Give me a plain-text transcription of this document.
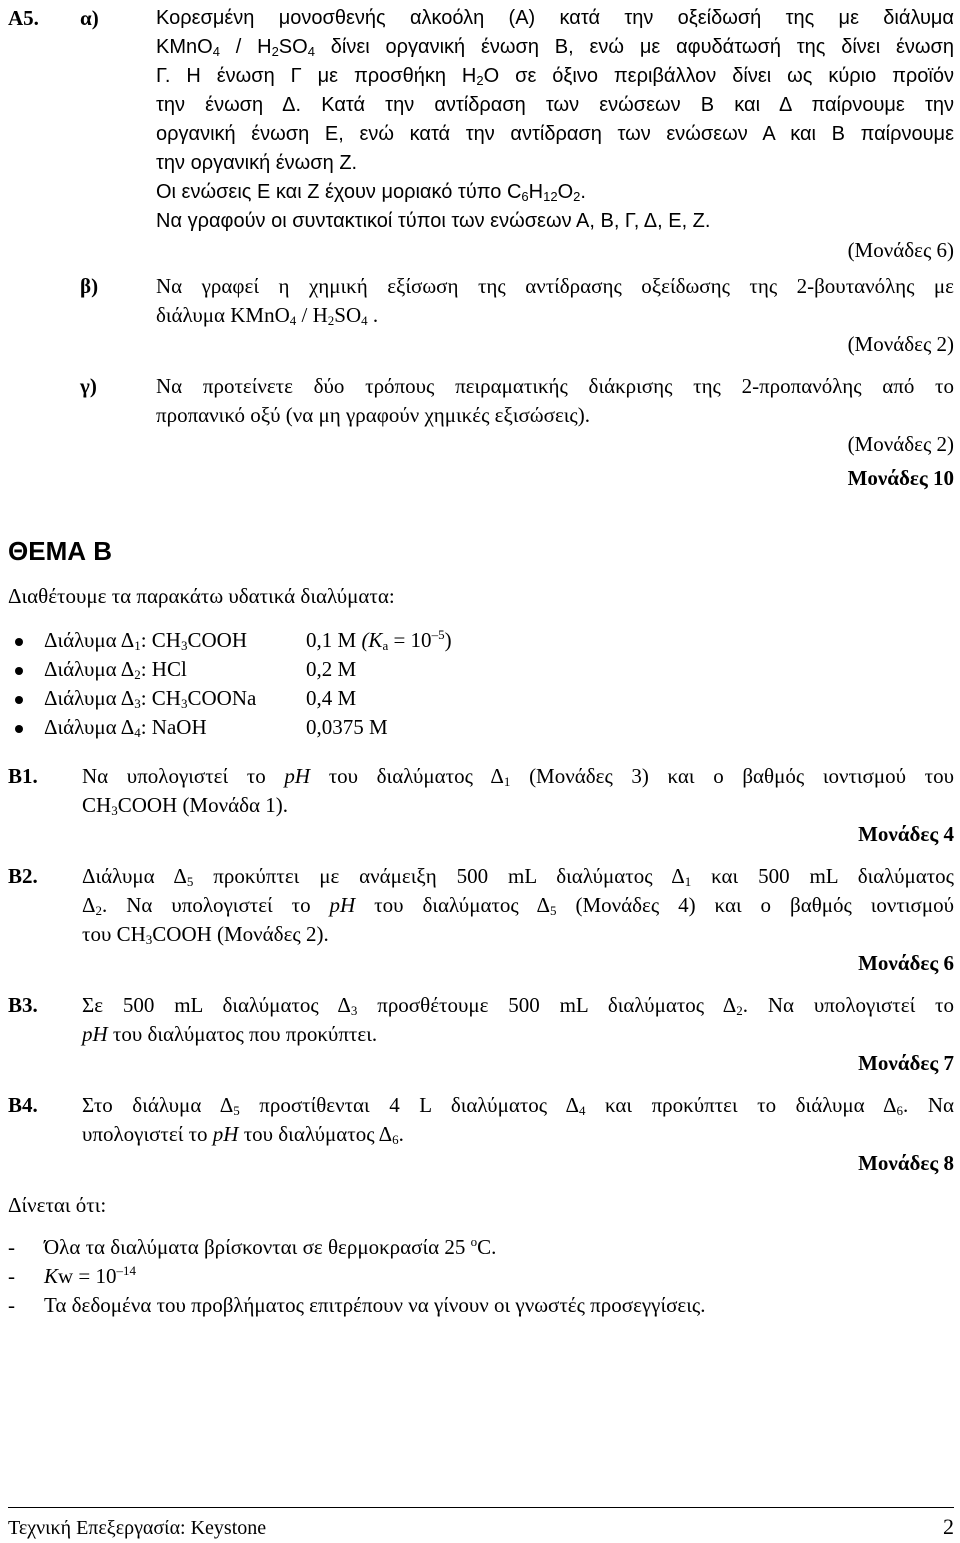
A5. α)	Κορεσμένη μονοσθενής αλκοόλη (Α) κατά την οξείδωσή της με διάλυμα
KMnO$_4$ / $H_2SO_4$ δίνει οργανική ένωση Β, ενώ με αφυδάτωσή της δίνει ένωση
Γ. Η ένωση Γ με προσθήκη $H_2O$ σε όξινο περιβάλλον δίνει ως κύριο προϊόν
την ένωση Δ. Κατά την αντίδραση των ενώσεων Β και Δ παίρνουμε την
οργανική ένωση Ε, ενώ κατά την αντίδραση των ενώσεων Α και Β παίρνουμε
την οργανική ένωση Ζ.
Οι ενώσεις Ε και Ζ έχουν μοριακό τύπο $C_6H_{12}O_2$.
Να γραφούν οι συντακτικοί τύποι των ενώσεων Α, Β, Γ, Δ, Ε, Ζ.
(Μονάδες 6)
β)	Να γραφεί η χημική εξίσωση της αντίδρασης οξείδωσης της 2-βουτανόλης με
διάλυμα KMnO$_4$ / $H_2SO_4$ .
(Μονάδες 2)
γ)	Να προτείνετε δύο τρόπους πειραματικής διάκρισης της 2-προπανόλης από το
προπανικό οξύ (να μη γραφούν χημικές εξισώσεις).
(Μονάδες 2)
Μονάδες 10
ΘΕΜΑ Β
Διαθέτουμε τα παρακάτω υδατικά διαλύματα:
Διάλυμα $\Delta_1$: $CH_3COOH$	0,1 M $(K_a = 10^{-5})$
Διάλυμα $\Delta_2$: HCl	0,2 M
Διάλυμα $\Delta_3$: $CH_3COONa$ 0,4 M
Διάλυμα $\Delta_4$: NaOH	0,0375 M
Β1. Να υπολογιστεί το pH του διαλύματος $\Delta_1$ (Μονάδες 3) και ο βαθμός ιοντισμού του
$CH_3COOH$ (Μονάδα 1).
Μονάδες 4
Β2. Διάλυμα $\Delta_5$ προκύπτει με ανάμειξη 500 mL διαλύματος $\Delta_1$ και 500 mL διαλύματος
$\Delta_2$. Να υπολογιστεί το pH του διαλύματος $\Delta_5$ (Μονάδες 4) και ο βαθμός ιοντισμού
του $CH_3COOH$ (Μονάδες 2).
Μονάδες 6
Β3. Σε 500 mL διαλύματος $\Delta_3$ προσθέτουμε 500 mL διαλύματος $\Delta_2$. Να υπολογιστεί το
pH του διαλύματος που προκύπτει.
Μονάδες 7
Β4. Στο διάλυμα $\Delta_5$ προστίθενται 4 L διαλύματος $\Delta_4$ και προκύπτει το διάλυμα $\Delta_6$. Να
υπολογιστεί το pH του διαλύματος $\Delta_6$.
Μονάδες 8
Δίνεται ότι:
- Όλα τα διαλύματα βρίσκονται σε θερμοκρασία 25 $^o$C.
- $Kw = 10^{-14}$
- Τα δεδομένα του προβλήματος επιτρέπουν να γίνουν οι γνωστές προσεγγίσεις.
Τεχνική Επεξεργασία: Keystone	2
